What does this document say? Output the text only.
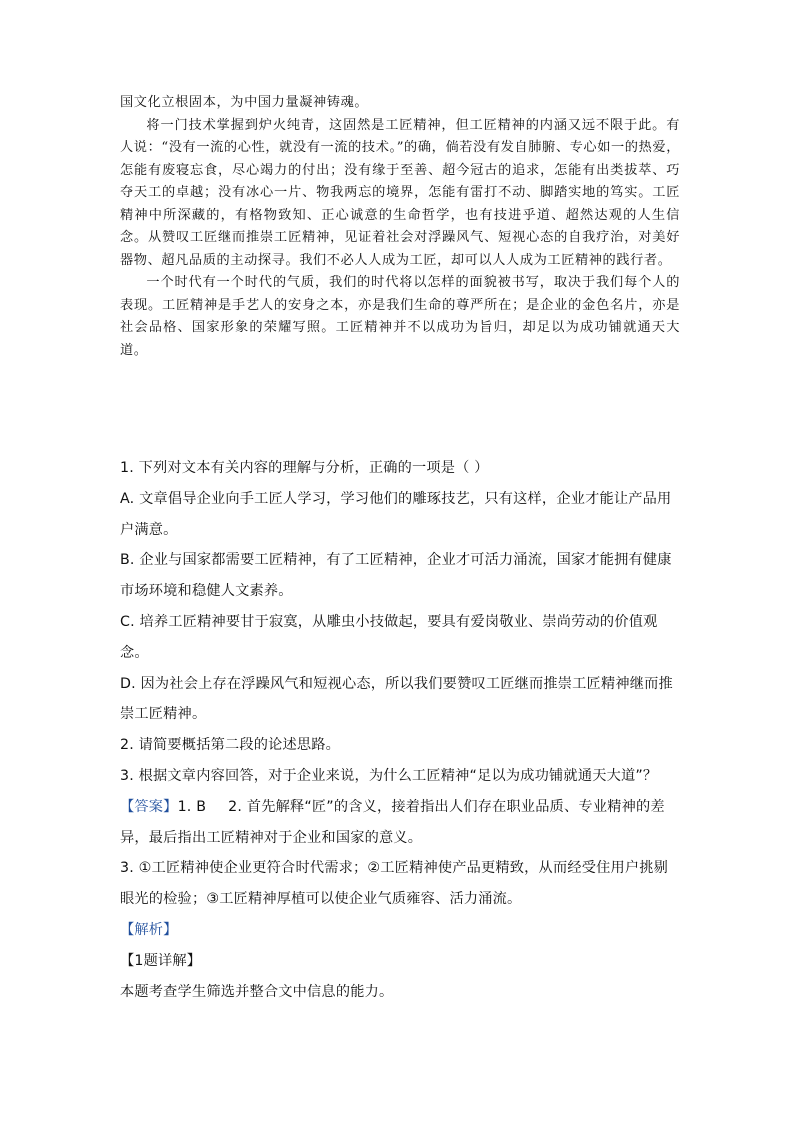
国文化立根固本，为中国力量凝神铸魂。

将一门技术掌握到炉火纯青，这固然是工匠精神，但工匠精神的内涵又远不限于此。有人说：“没有一流的心性，就没有一流的技术。”的确，倘若没有发自肺腑、专心如一的热爱，怎能有废寝忘食，尽心竭力的付出；没有缘于至善、超今冠古的追求，怎能有出类拔萃、巧夺天工的卓越；没有冰心一片、物我两忘的境界，怎能有雷打不动、脚踏实地的笃实。工匠精神中所深藏的，有格物致知、正心诚意的生命哲学，也有技进乎道、超然达观的人生信念。从赞叹工匠继而推崇工匠精神，见证着社会对浮躁风气、短视心态的自我疗治，对美好器物、超凡品质的主动探寻。我们不必人人成为工匠，却可以人人成为工匠精神的践行者。

一个时代有一个时代的气质，我们的时代将以怎样的面貌被书写，取决于我们每个人的表现。工匠精神是手艺人的安身之本，亦是我们生命的尊严所在；是企业的金色名片，亦是社会品格、国家形象的荣耀写照。工匠精神并不以成功为旨归，却足以为成功铺就通天大道。

1. 下列对文本有关内容的理解与分析，正确的一项是（ ）

A. 文章倡导企业向手工匠人学习，学习他们的雕琢技艺，只有这样，企业才能让产品用户满意。

B. 企业与国家都需要工匠精神，有了工匠精神，企业才可活力涌流，国家才能拥有健康市场环境和稳健人文素养。

C. 培养工匠精神要甘于寂寞，从雕虫小技做起，要具有爱岗敬业、崇尚劳动的价值观念。

D. 因为社会上存在浮躁风气和短视心态，所以我们要赞叹工匠继而推崇工匠精神继而推崇工匠精神。

2. 请简要概括第二段的论述思路。

3. 根据文章内容回答，对于企业来说，为什么工匠精神“足以为成功铺就通天大道”？

【答案】1. B 2. 首先解释“匠”的含义，接着指出人们存在职业品质、专业精神的差异，最后指出工匠精神对于企业和国家的意义。

3. ①工匠精神使企业更符合时代需求；②工匠精神使产品更精致，从而经受住用户挑剔眼光的检验；③工匠精神厚植可以使企业气质雍容、活力涌流。

【解析】

【1题详解】

本题考查学生筛选并整合文中信息的能力。
